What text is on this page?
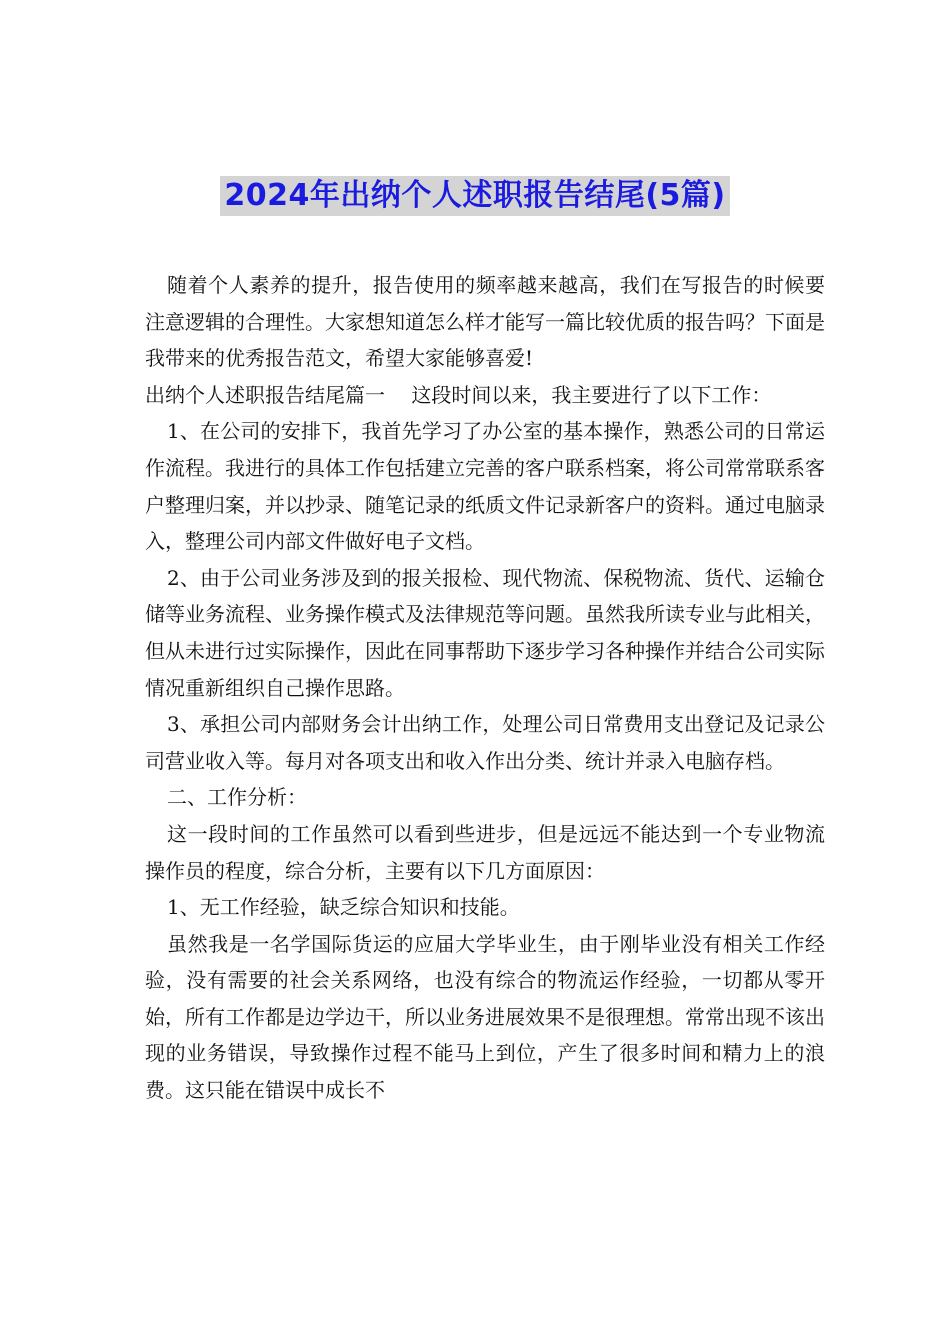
2024年出纳个人述职报告结尾(5篇)

随着个人素养的提升，报告使用的频率越来越高，我们在写报告的时候要注意逻辑的合理性。大家想知道怎么样才能写一篇比较优质的报告吗？下面是我带来的优秀报告范文，希望大家能够喜爱!

出纳个人述职报告结尾篇一　 这段时间以来，我主要进行了以下工作：

1、在公司的安排下，我首先学习了办公室的基本操作，熟悉公司的日常运作流程。我进行的具体工作包括建立完善的客户联系档案，将公司常常联系客户整理归案，并以抄录、随笔记录的纸质文件记录新客户的资料。通过电脑录入，整理公司内部文件做好电子文档。

2、由于公司业务涉及到的报关报检、现代物流、保税物流、货代、运输仓储等业务流程、业务操作模式及法律规范等问题。虽然我所读专业与此相关，但从未进行过实际操作，因此在同事帮助下逐步学习各种操作并结合公司实际情况重新组织自己操作思路。

3、承担公司内部财务会计出纳工作，处理公司日常费用支出登记及记录公司营业收入等。每月对各项支出和收入作出分类、统计并录入电脑存档。

二、工作分析：

这一段时间的工作虽然可以看到些进步，但是远远不能达到一个专业物流操作员的程度，综合分析，主要有以下几方面原因：

1、无工作经验，缺乏综合知识和技能。

虽然我是一名学国际货运的应届大学毕业生，由于刚毕业没有相关工作经验，没有需要的社会关系网络，也没有综合的物流运作经验，一切都从零开始，所有工作都是边学边干，所以业务进展效果不是很理想。常常出现不该出现的业务错误，导致操作过程不能马上到位，产生了很多时间和精力上的浪费。这只能在错误中成长不
